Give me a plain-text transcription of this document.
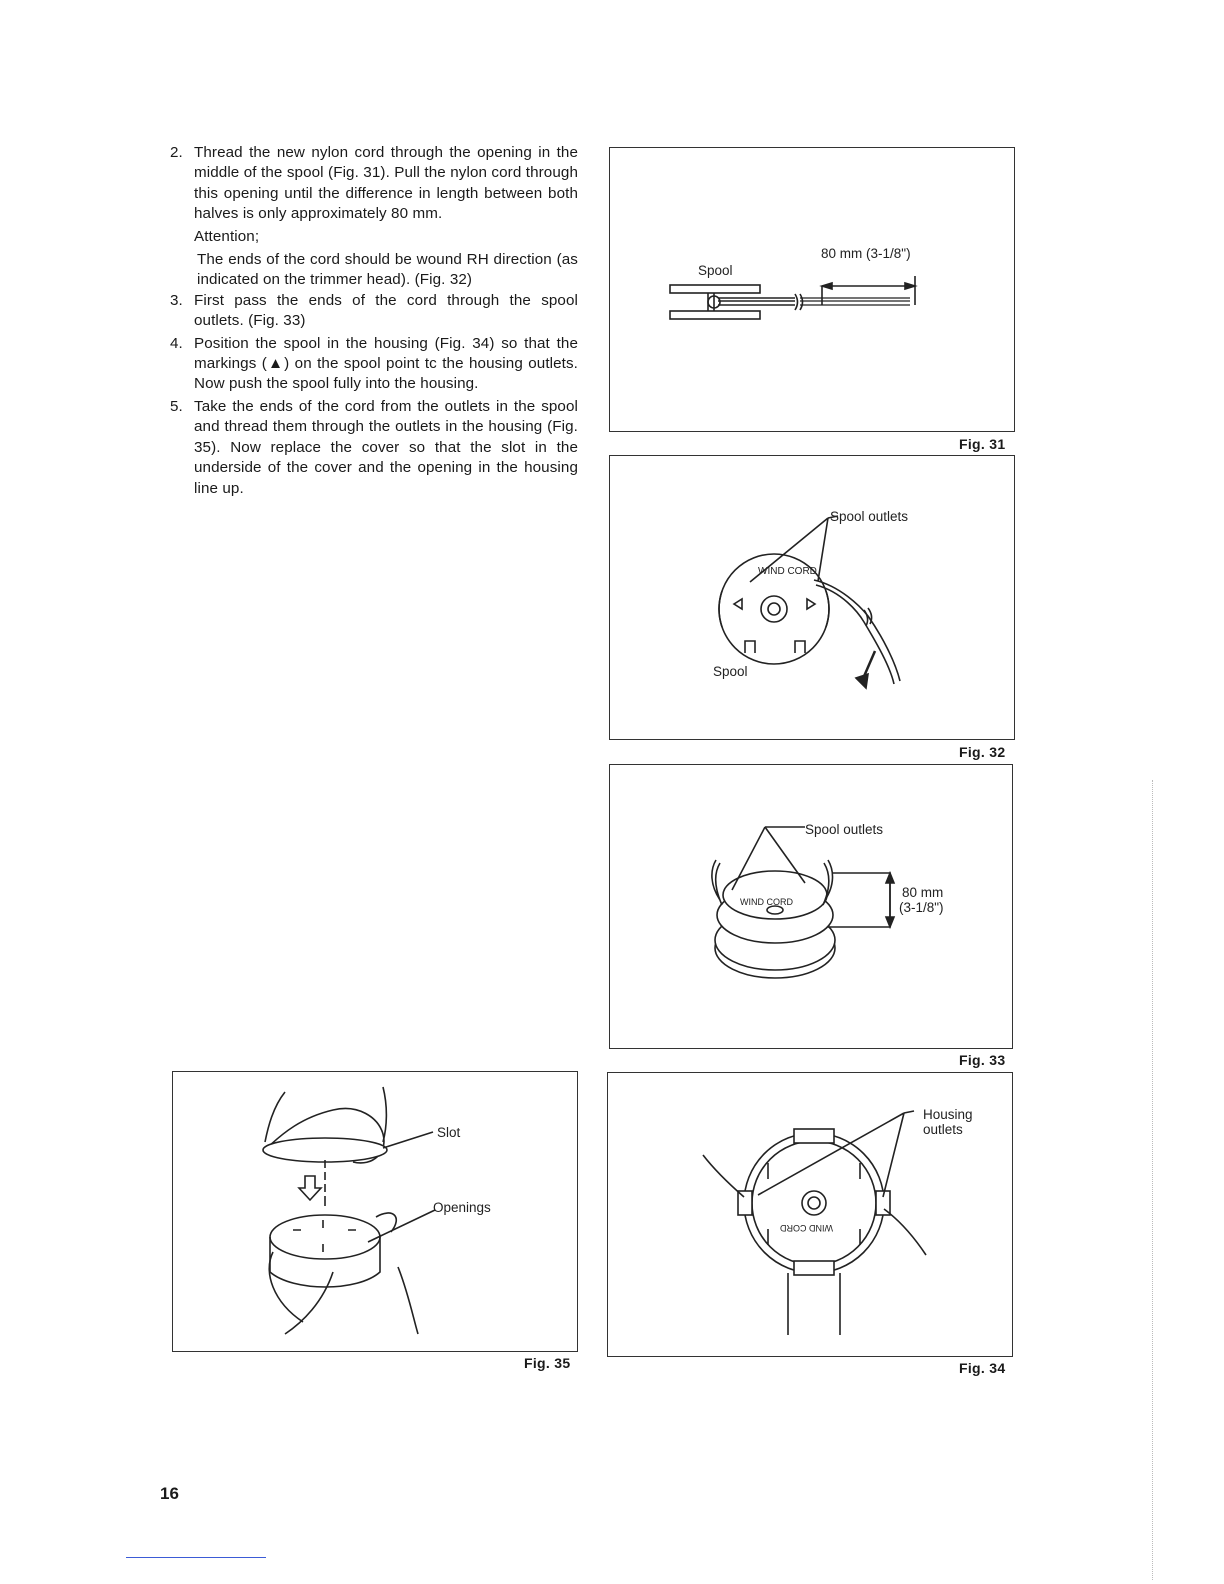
2. Thread the new nylon cord through the opening in the middle of the spool (Fig. 31). Pull the nylon cord through this opening until the difference in length between both halves is only approximately 80 mm.
Attention;
The ends of the cord should be wound RH direction (as indicated on the trimmer head). (Fig. 32)
3. First pass the ends of the cord through the spool outlets. (Fig. 33)
4. Position the spool in the housing (Fig. 34) so that the markings (▲) on the spool point tc the housing outlets. Now push the spool fully into the housing.
5. Take the ends of the cord from the outlets in the spool and thread them through the outlets in the housing (Fig. 35). Now replace the cover so that the slot in the underside of the cover and the opening in the housing line up.
Spool
80 mm (3-1/8")
Fig. 31
WIND CORD
Spool outlets
Spool
Fig. 32
WIND CORD
Spool outlets
80 mm
(3-1/8")
Fig. 33
WIND CORD
Housing
outlets
Fig. 34
Slot
Openings
Fig. 35
16
